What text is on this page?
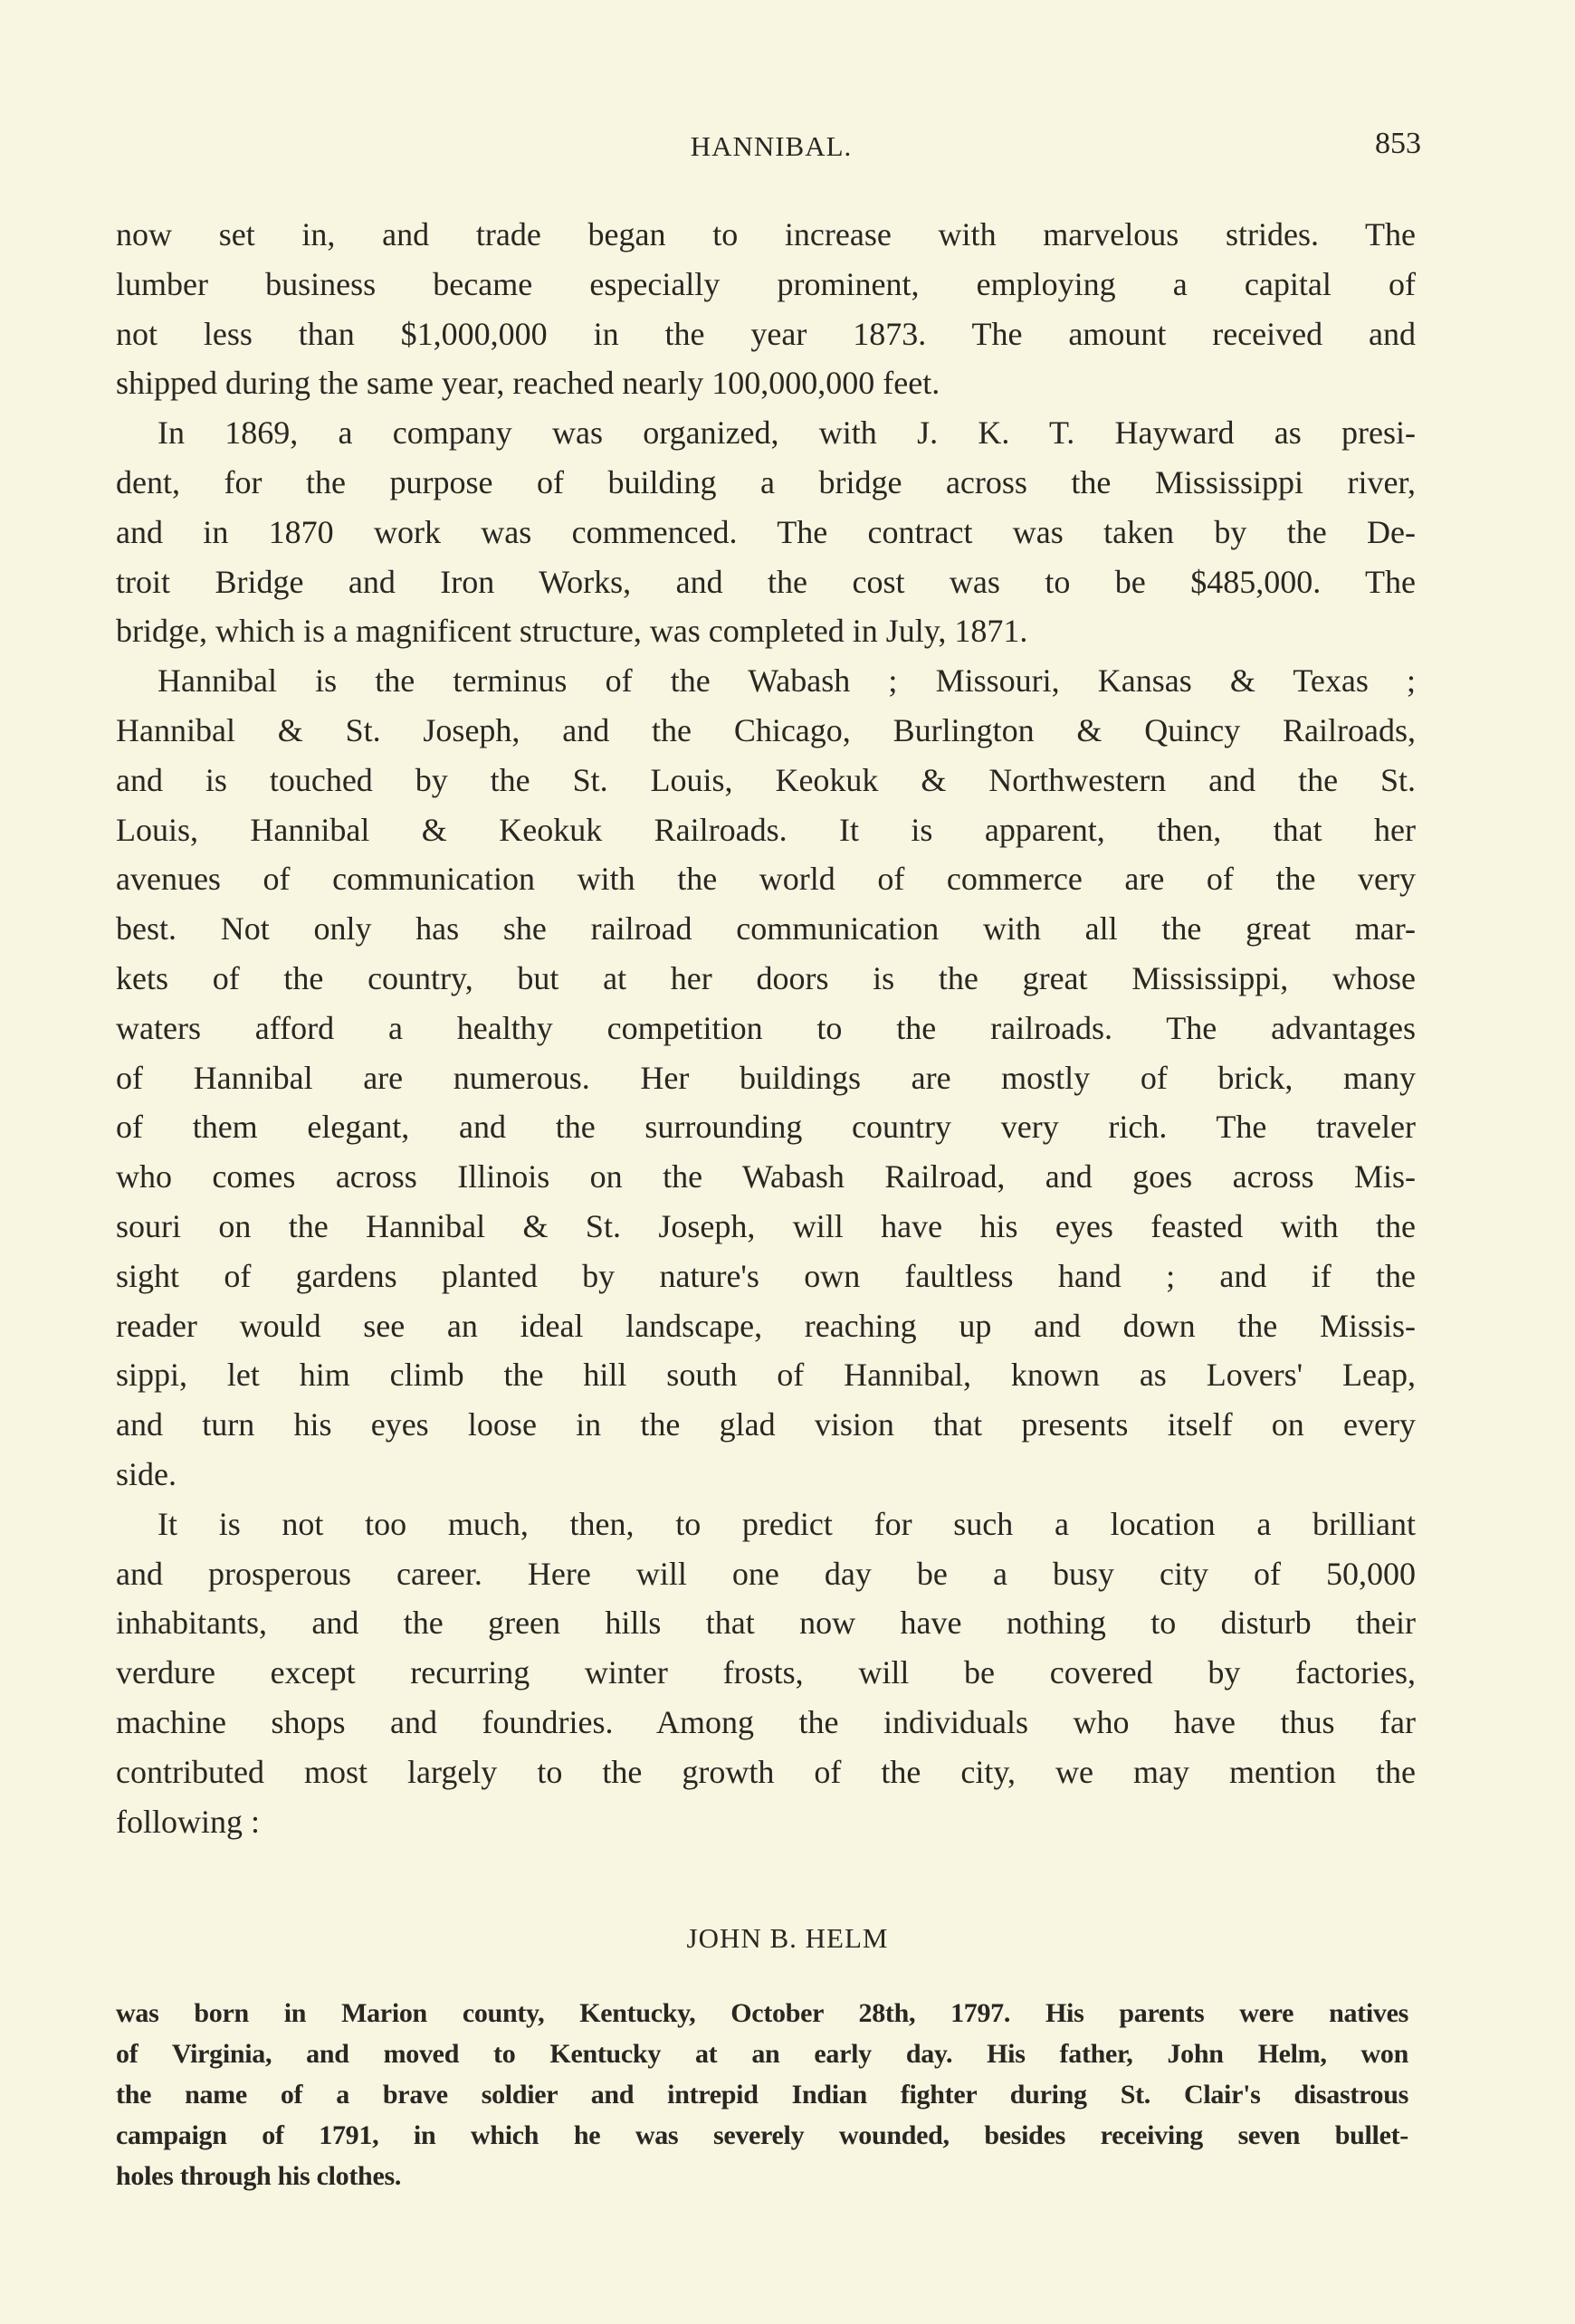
HANNIBAL.	853
now set in, and trade began to increase with marvelous strides. The
lumber business became especially prominent, employing a capital of
not less than $1,000,000 in the year 1873. The amount received and
shipped during the same year, reached nearly 100,000,000 feet.
In 1869, a company was organized, with J. K. T. Hayward as presi-
dent, for the purpose of building a bridge across the Mississippi river,
and in 1870 work was commenced. The contract was taken by the De-
troit Bridge and Iron Works, and the cost was to be $485,000. The
bridge, which is a magnificent structure, was completed in July, 1871.
Hannibal is the terminus of the Wabash ; Missouri, Kansas & Texas ;
Hannibal & St. Joseph, and the Chicago, Burlington & Quincy Railroads,
and is touched by the St. Louis, Keokuk & Northwestern and the St.
Louis, Hannibal & Keokuk Railroads. It is apparent, then, that her
avenues of communication with the world of commerce are of the very
best. Not only has she railroad communication with all the great mar-
kets of the country, but at her doors is the great Mississippi, whose
waters afford a healthy competition to the railroads. The advantages
of Hannibal are numerous. Her buildings are mostly of brick, many
of them elegant, and the surrounding country very rich. The traveler
who comes across Illinois on the Wabash Railroad, and goes across Mis-
souri on the Hannibal & St. Joseph, will have his eyes feasted with the
sight of gardens planted by nature's own faultless hand ; and if the
reader would see an ideal landscape, reaching up and down the Missis-
sippi, let him climb the hill south of Hannibal, known as Lovers' Leap,
and turn his eyes loose in the glad vision that presents itself on every
side.
It is not too much, then, to predict for such a location a brilliant
and prosperous career. Here will one day be a busy city of 50,000
inhabitants, and the green hills that now have nothing to disturb their
verdure except recurring winter frosts, will be covered by factories,
machine shops and foundries. Among the individuals who have thus far
contributed most largely to the growth of the city, we may mention the
following :
JOHN B. HELM
was born in Marion county, Kentucky, October 28th, 1797. His parents were natives
of Virginia, and moved to Kentucky at an early day. His father, John Helm, won
the name of a brave soldier and intrepid Indian fighter during St. Clair's disastrous
campaign of 1791, in which he was severely wounded, besides receiving seven bullet-
holes through his clothes.
